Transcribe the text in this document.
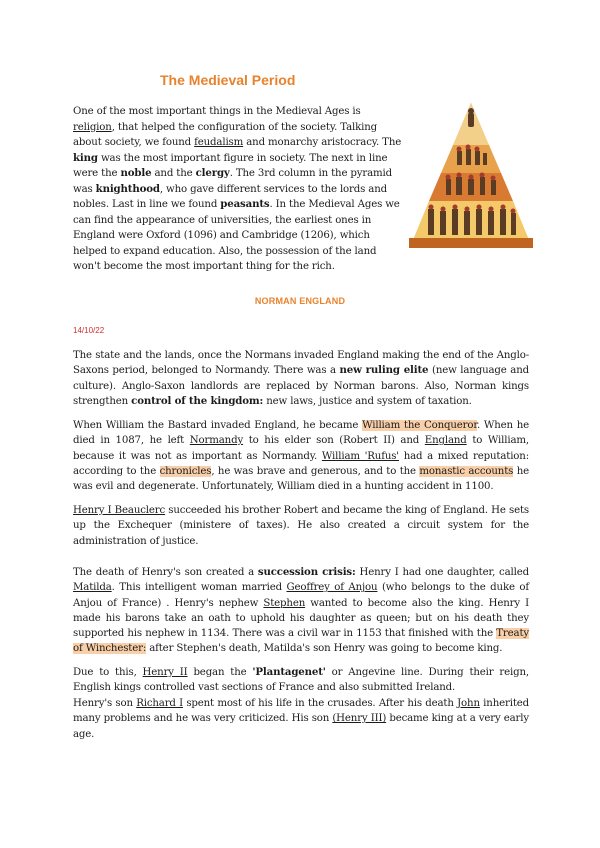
The Medieval Period

One of the most important things in the Medieval Ages is religion, that helped the configuration of the society. Talking about society, we found feudalism and monarchy aristocracy. The king was the most important figure in society. The next in line were the noble and the clergy. The 3rd column in the pyramid was knighthood, who gave different services to the lords and nobles. Last in line we found peasants. In the Medieval Ages we can find the appearance of universities, the earliest ones in England were Oxford (1096) and Cambridge (1206), which helped to expand education. Also, the possession of the land won't become the most important thing for the rich.

NORMAN ENGLAND

14/10/22

The state and the lands, once the Normans invaded England making the end of the Anglo-Saxons period, belonged to Normandy. There was a new ruling elite (new language and culture). Anglo-Saxon landlords are replaced by Norman barons. Also, Norman kings strengthen control of the kingdom: new laws, justice and system of taxation.

When William the Bastard invaded England, he became William the Conqueror. When he died in 1087, he left Normandy to his elder son (Robert II) and England to William, because it was not as important as Normandy. William 'Rufus' had a mixed reputation: according to the chronicles, he was brave and generous, and to the monastic accounts he was evil and degenerate. Unfortunately, William died in a hunting accident in 1100.

Henry I Beauclerc succeeded his brother Robert and became the king of England. He sets up the Exchequer (ministere of taxes). He also created a circuit system for the administration of justice.

The death of Henry's son created a succession crisis: Henry I had one daughter, called Matilda. This intelligent woman married Geoffrey of Anjou (who belongs to the duke of Anjou of France) . Henry's nephew Stephen wanted to become also the king. Henry I made his barons take an oath to uphold his daughter as queen; but on his death they supported his nephew in 1134. There was a civil war in 1153 that finished with the Treaty of Winchester: after Stephen's death, Matilda's son Henry was going to become king.

Due to this, Henry II began the 'Plantagenet' or Angevine line. During their reign, English kings controlled vast sections of France and also submitted Ireland.

Henry's son Richard I spent most of his life in the crusades. After his death John inherited many problems and he was very criticized. His son (Henry III) became king at a very early age.
